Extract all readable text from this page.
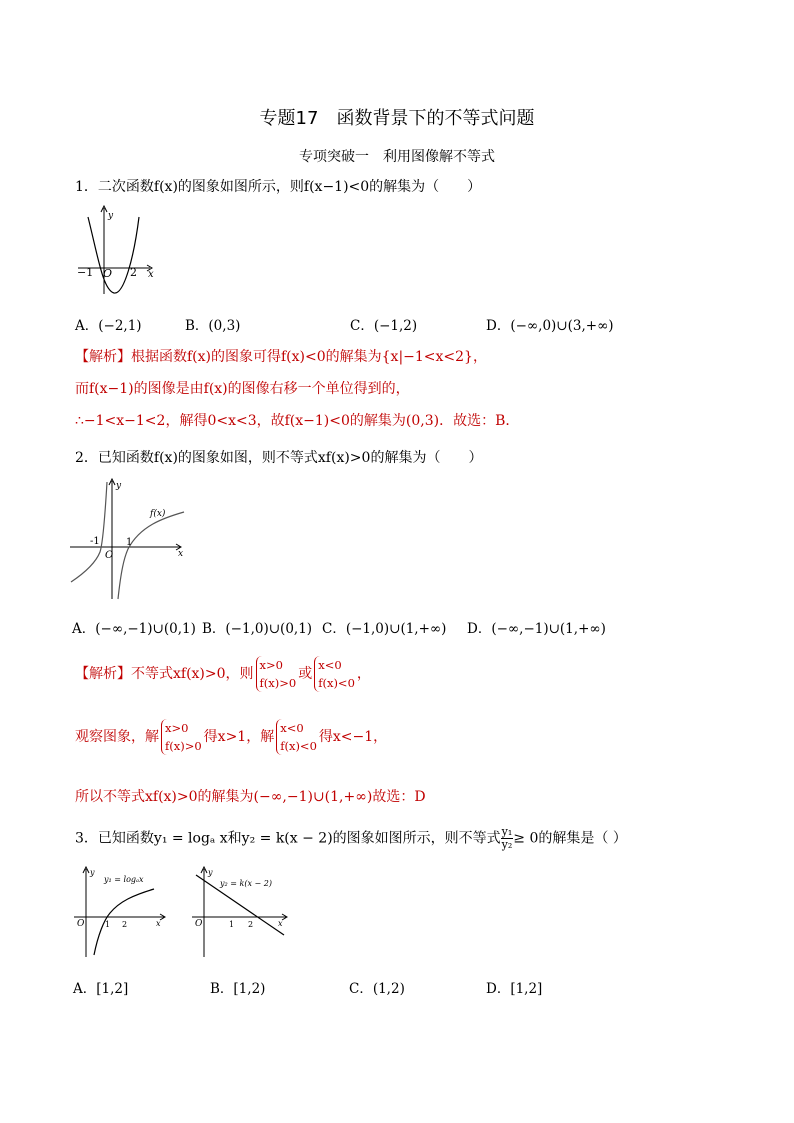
专题17　函数背景下的不等式问题
专项突破一　利用图像解不等式
1．二次函数f(x)的图象如图所示，则f(x−1)<0的解集为（　　）
y
x
O
−1	2
A．(−2,1)	B．(0,3)	C．(−1,2)	D．(−∞,0)∪(3,+∞)
【解析】根据函数f(x)的图象可得f(x)<0的解集为{x|−1<x<2}，
而f(x−1)的图像是由f(x)的图像右移一个单位得到的，
∴−1<x−1<2，解得0<x<3，故f(x−1)<0的解集为(0,3)．故选：B．
2．已知函数f(x)的图象如图，则不等式xf(x)>0的解集为（　　）
y
x
O
-1	1
f(x)
A．(−∞,−1)∪(0,1) B．(−1,0)∪(0,1) C．(−1,0)∪(1,+∞) D．(−∞,−1)∪(1,+∞)
【解析】不等式xf(x)>0，则
x>0
f(x)>0
或
x<0
f(x)<0
，
观察图象，解
x>0
f(x)>0
得x>1，解
x<0
f(x)<0
得x<−1，
所以不等式xf(x)>0的解集为(−∞,−1)∪(1,+∞)故选：D
3．已知函数y₁ = logₐ x和y₂ = k(x − 2)的图象如图所示，则不等式 $\frac{\text{y₁}}{\text{y₂}}\ge 0$的解集是（ ）
y
x
O	1 2
y₁ = logₐx
y
x
O	1 2
y₂ = k(x − 2)
A．[1,2]	B．[1,2)	C．(1,2)	D．[1,2]
